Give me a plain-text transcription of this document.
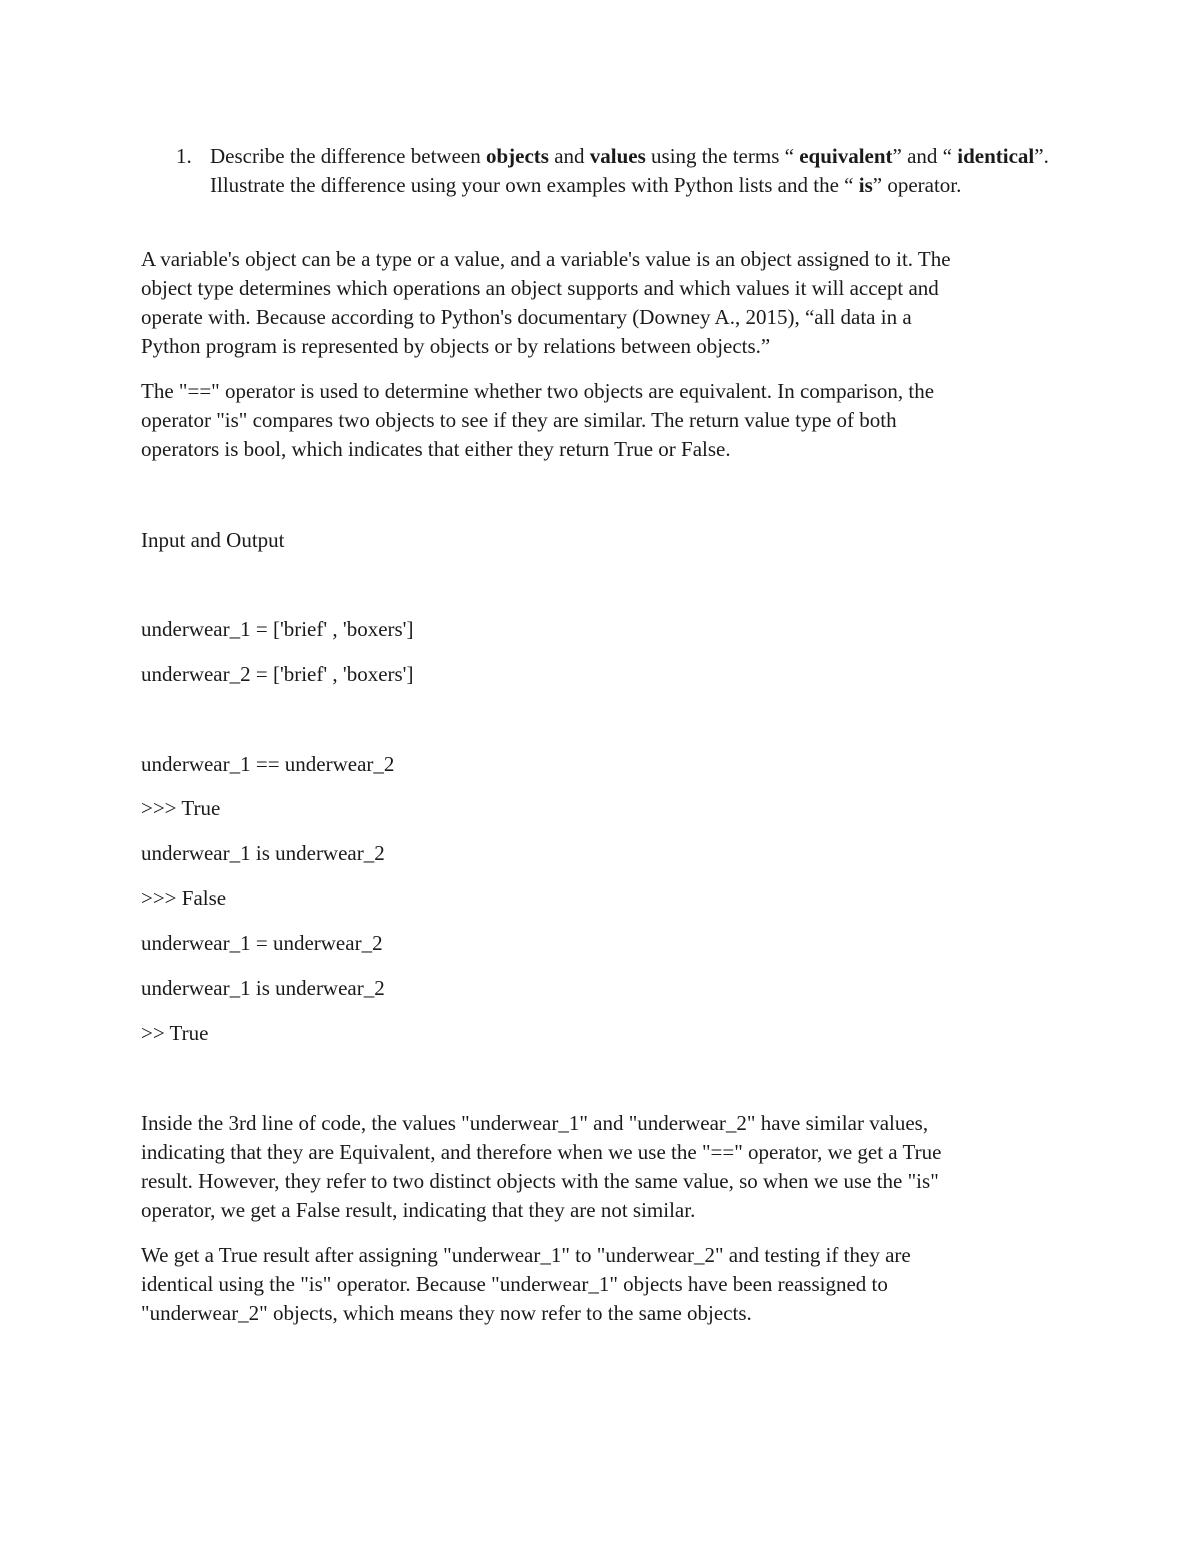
1. Describe the difference between objects and values using the terms “ equivalent” and “ identical”. Illustrate the difference using your own examples with Python lists and the “ is” operator.
A variable's object can be a type or a value, and a variable's value is an object assigned to it. The
object type determines which operations an object supports and which values it will accept and
operate with. Because according to Python's documentary (Downey A., 2015), “all data in a
Python program is represented by objects or by relations between objects.”
The "==" operator is used to determine whether two objects are equivalent. In comparison, the
operator "is" compares two objects to see if they are similar. The return value type of both
operators is bool, which indicates that either they return True or False.
Input and Output
underwear_1 = ['brief' , 'boxers']
underwear_2 = ['brief' , 'boxers']
underwear_1 == underwear_2
>>> True
underwear_1 is underwear_2
>>> False
underwear_1 = underwear_2
underwear_1 is underwear_2
>> True
Inside the 3rd line of code, the values "underwear_1" and "underwear_2" have similar values,
indicating that they are Equivalent, and therefore when we use the "==" operator, we get a True
result. However, they refer to two distinct objects with the same value, so when we use the "is"
operator, we get a False result, indicating that they are not similar.
We get a True result after assigning "underwear_1" to "underwear_2" and testing if they are
identical using the "is" operator. Because "underwear_1" objects have been reassigned to
"underwear_2" objects, which means they now refer to the same objects.
